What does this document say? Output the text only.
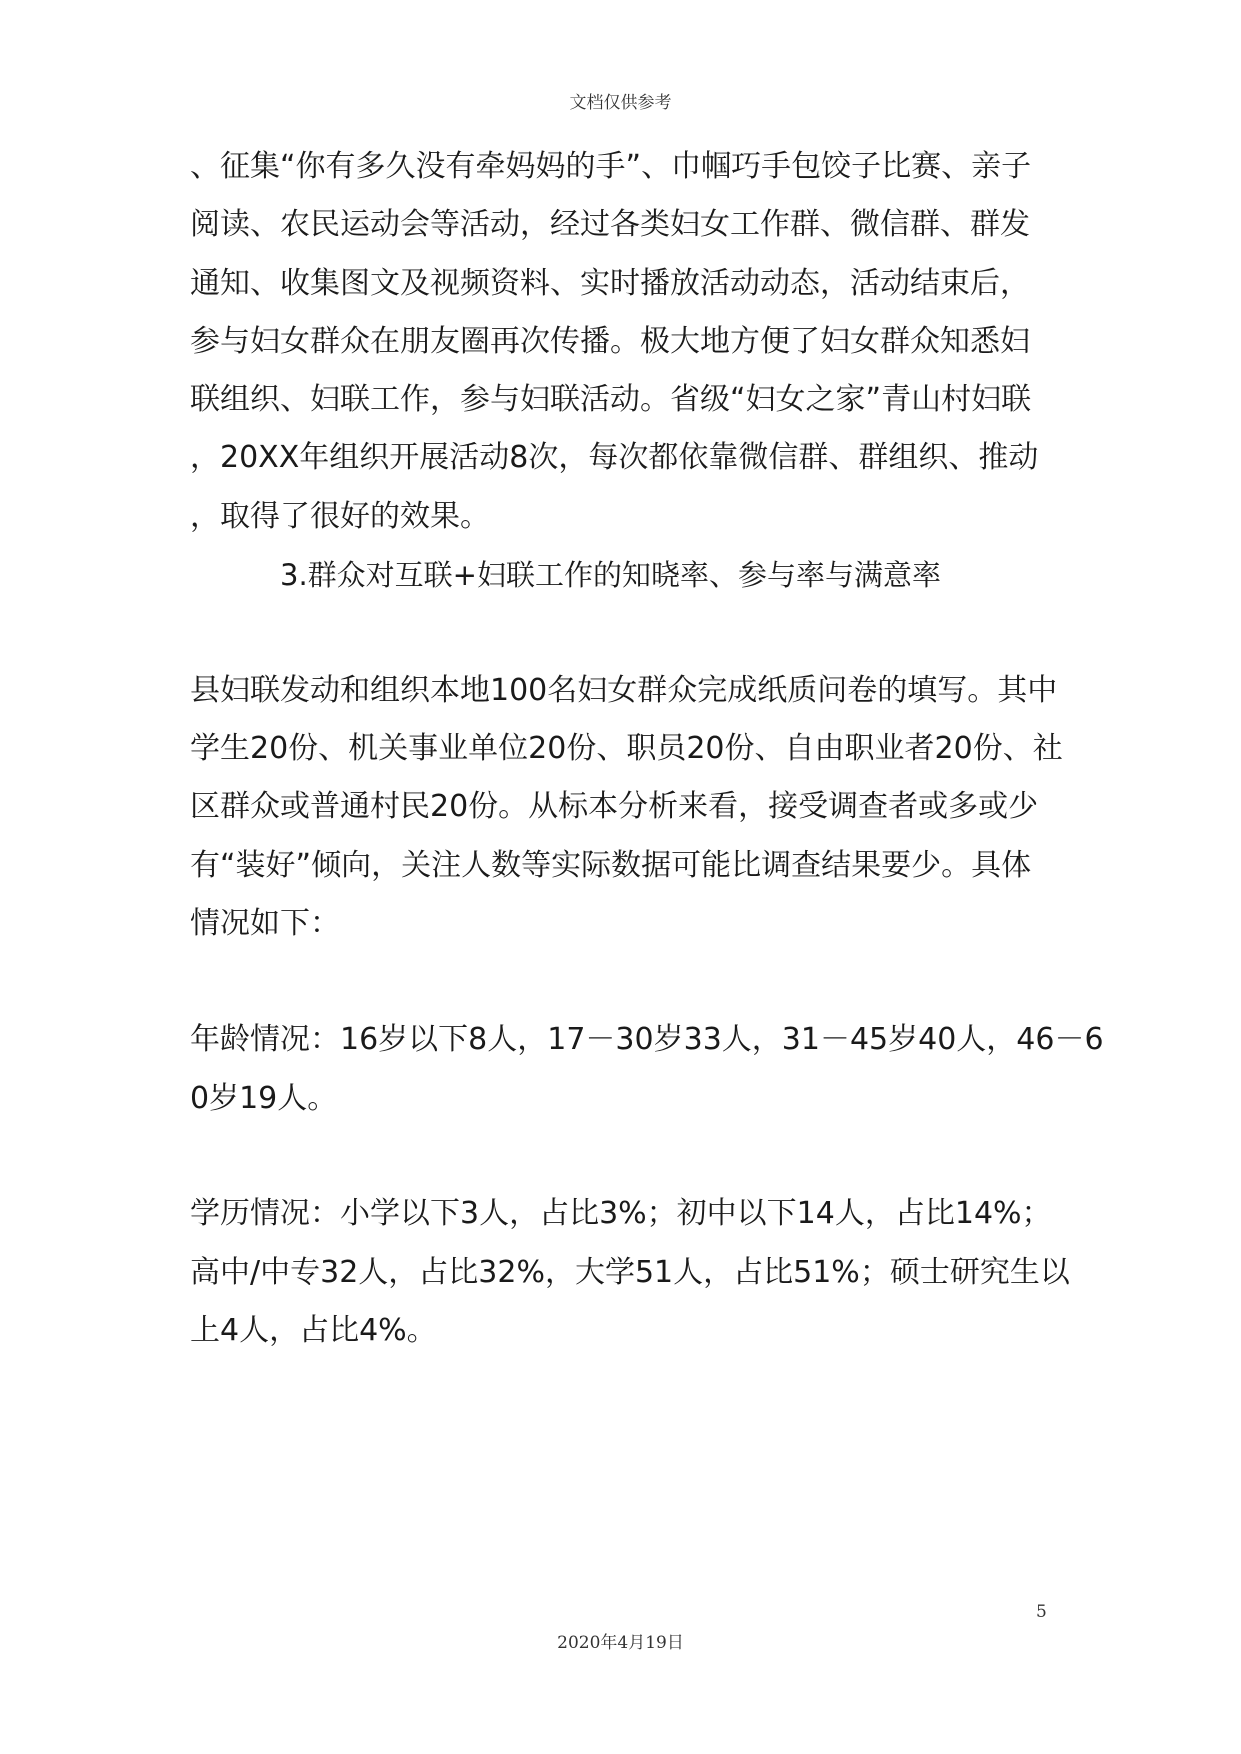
文档仅供参考
、征集“你有多久没有牵妈妈的手”、巾帼巧手包饺子比赛、亲子
阅读、农民运动会等活动，经过各类妇女工作群、微信群、群发
通知、收集图文及视频资料、实时播放活动动态，活动结束后，
参与妇女群众在朋友圈再次传播。极大地方便了妇女群众知悉妇
联组织、妇联工作，参与妇联活动。省级“妇女之家”青山村妇联
，20XX年组织开展活动8次，每次都依靠微信群、群组织、推动
，取得了很好的效果。
3.群众对互联+妇联工作的知晓率、参与率与满意率
县妇联发动和组织本地100名妇女群众完成纸质问卷的填写。其中
学生20份、机关事业单位20份、职员20份、自由职业者20份、社
区群众或普通村民20份。从标本分析来看，接受调查者或多或少
有“装好”倾向，关注人数等实际数据可能比调查结果要少。具体
情况如下：
年龄情况：16岁以下8人，17－30岁33人，31－45岁40人，46－6
0岁19人。
学历情况：小学以下3人，占比3%；初中以下14人，占比14%；
高中/中专32人，占比32%，大学51人，占比51%；硕士研究生以
上4人，占比4%。
5
2020年4月19日
